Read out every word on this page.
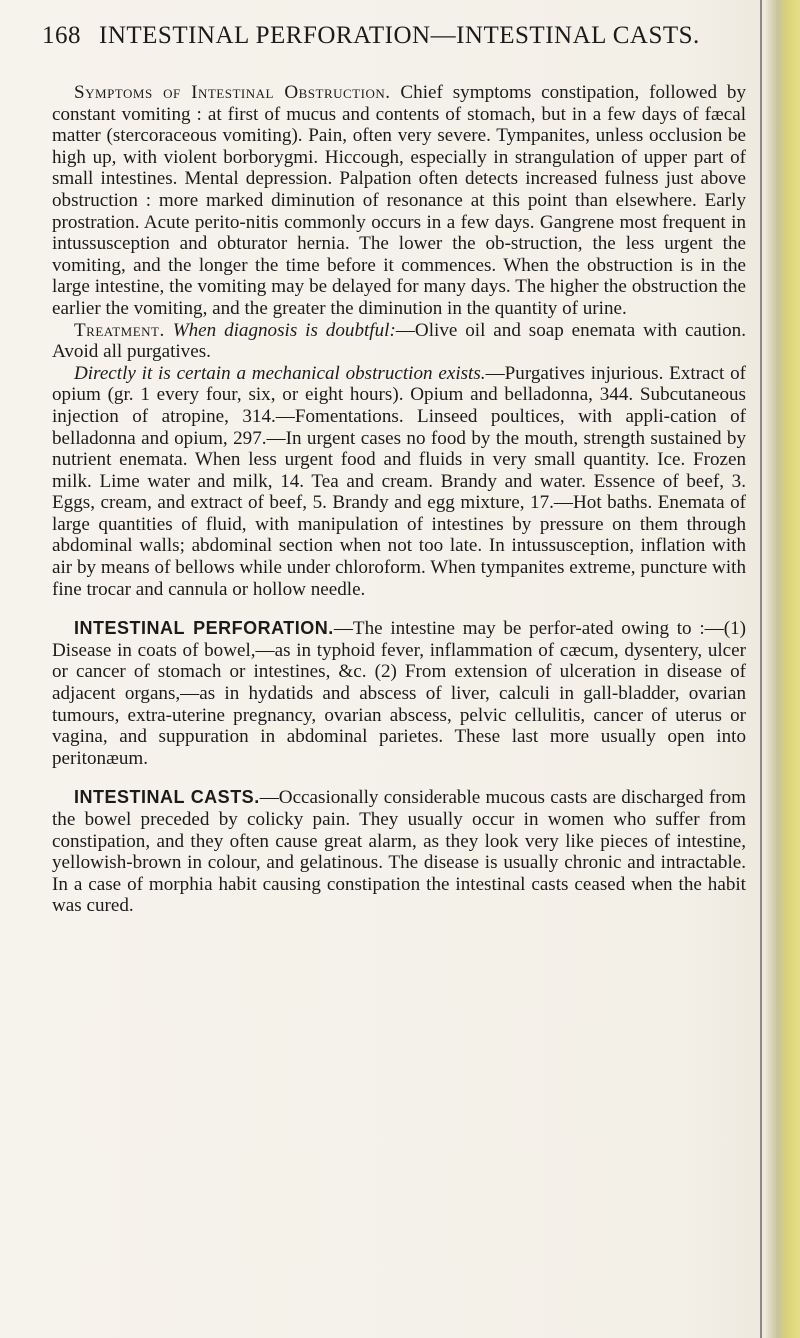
168 INTESTINAL PERFORATION—INTESTINAL CASTS.

Symptoms of Intestinal Obstruction. Chief symptoms constipation, followed by constant vomiting : at first of mucus and contents of stomach, but in a few days of fæcal matter (stercoraceous vomiting). Pain, often very severe. Tympanites, unless occlusion be high up, with violent borborygmi. Hiccough, especially in strangulation of upper part of small intestines. Mental depression. Palpation often detects increased fulness just above obstruction : more marked diminution of resonance at this point than elsewhere. Early prostration. Acute perito-nitis commonly occurs in a few days. Gangrene most frequent in intussusception and obturator hernia. The lower the ob-struction, the less urgent the vomiting, and the longer the time before it commences. When the obstruction is in the large intestine, the vomiting may be delayed for many days. The higher the obstruction the earlier the vomiting, and the greater the diminution in the quantity of urine.

Treatment. When diagnosis is doubtful:—Olive oil and soap enemata with caution. Avoid all purgatives.

Directly it is certain a mechanical obstruction exists.—Purgatives injurious. Extract of opium (gr. 1 every four, six, or eight hours). Opium and belladonna, 344. Subcutaneous injection of atropine, 314.—Fomentations. Linseed poultices, with appli-cation of belladonna and opium, 297.—In urgent cases no food by the mouth, strength sustained by nutrient enemata. When less urgent food and fluids in very small quantity. Ice. Frozen milk. Lime water and milk, 14. Tea and cream. Brandy and water. Essence of beef, 3. Eggs, cream, and extract of beef, 5. Brandy and egg mixture, 17.—Hot baths. Enemata of large quantities of fluid, with manipulation of intestines by pressure on them through abdominal walls; abdominal section when not too late. In intussusception, inflation with air by means of bellows while under chloroform. When tympanites extreme, puncture with fine trocar and cannula or hollow needle.

INTESTINAL PERFORATION.—The intestine may be perfor-ated owing to :—(1) Disease in coats of bowel,—as in typhoid fever, inflammation of cæcum, dysentery, ulcer or cancer of stomach or intestines, &c. (2) From extension of ulceration in disease of adjacent organs,—as in hydatids and abscess of liver, calculi in gall-bladder, ovarian tumours, extra-uterine pregnancy, ovarian abscess, pelvic cellulitis, cancer of uterus or vagina, and suppuration in abdominal parietes. These last more usually open into peritonæum.

INTESTINAL CASTS.—Occasionally considerable mucous casts are discharged from the bowel preceded by colicky pain. They usually occur in women who suffer from constipation, and they often cause great alarm, as they look very like pieces of intestine, yellowish-brown in colour, and gelatinous. The disease is usually chronic and intractable. In a case of morphia habit causing constipation the intestinal casts ceased when the habit was cured.
